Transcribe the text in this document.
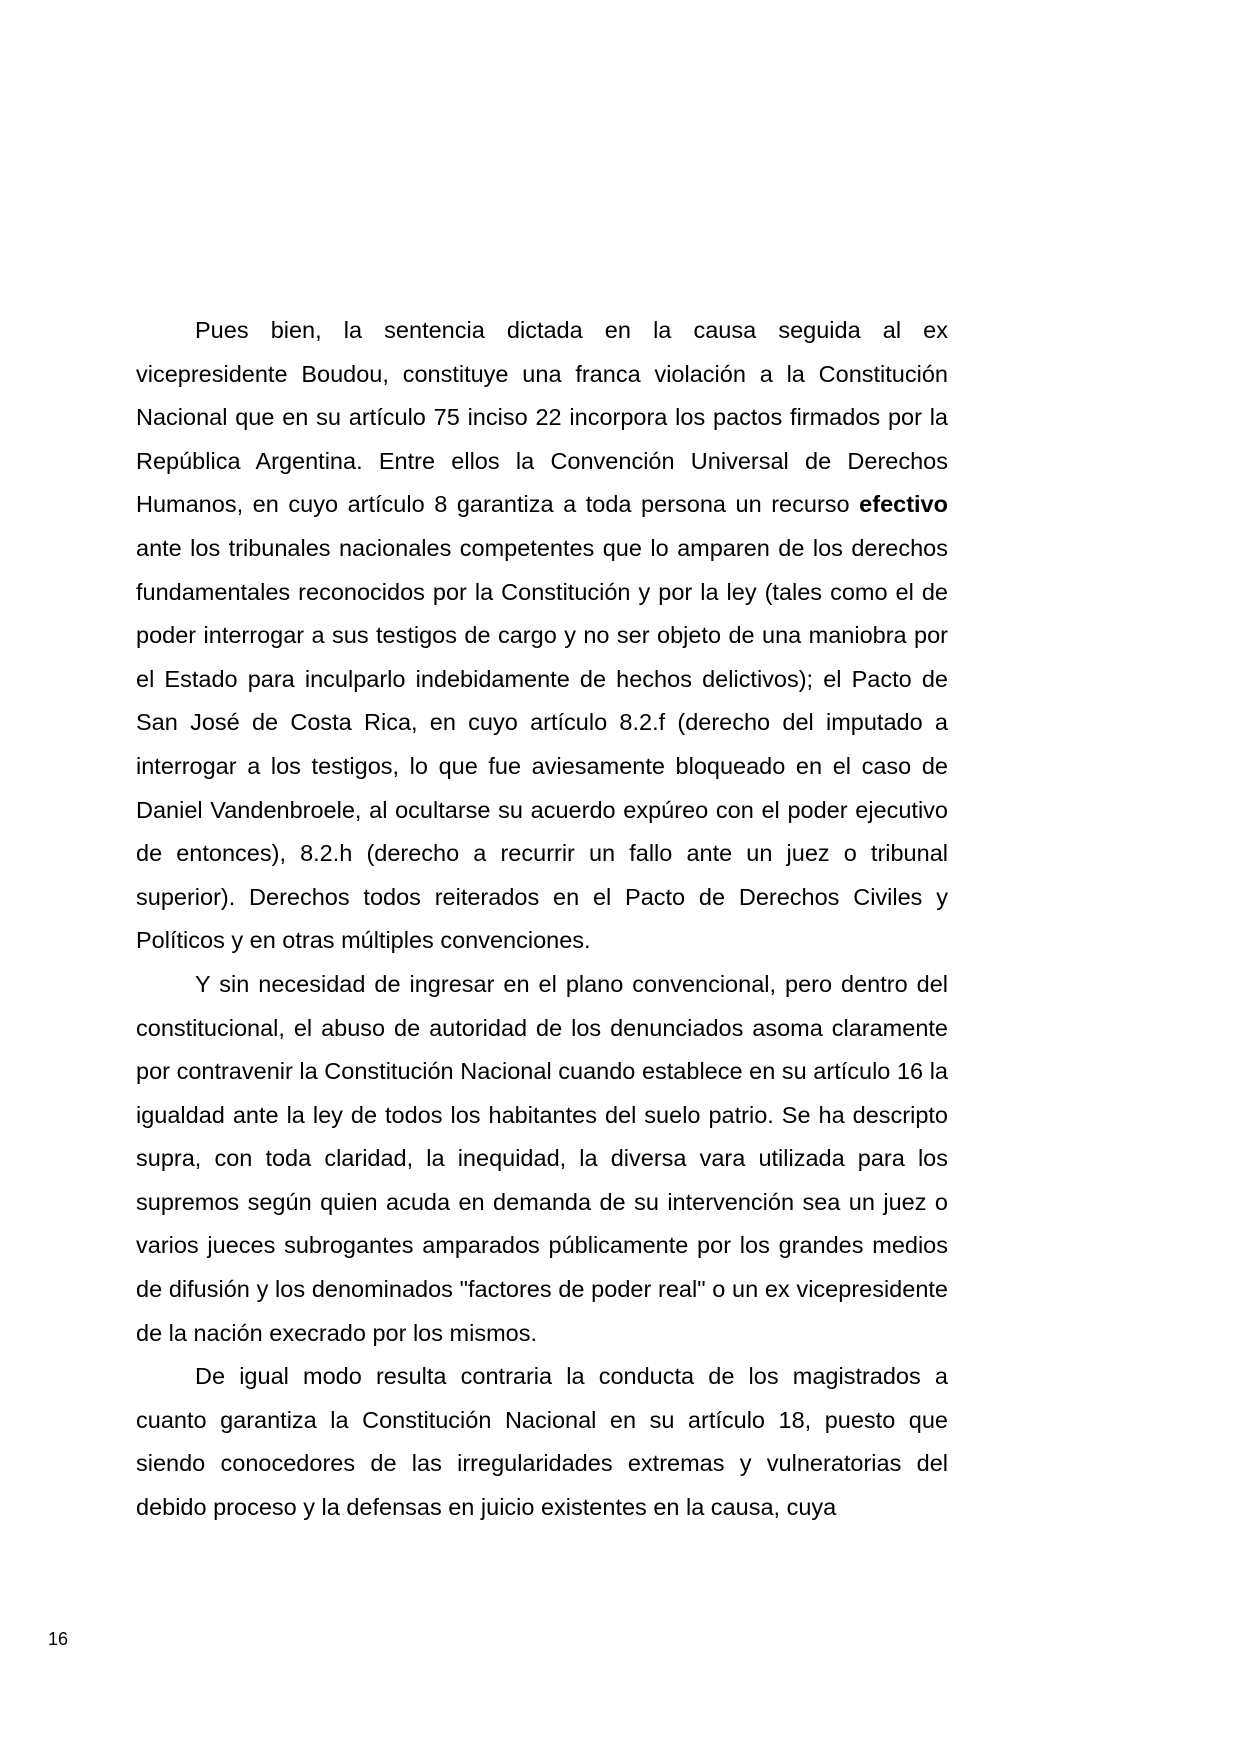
Pues bien, la sentencia dictada en la causa seguida al ex vicepresidente Boudou, constituye una franca violación a la Constitución Nacional que en su artículo 75 inciso 22 incorpora los pactos firmados por la República Argentina. Entre ellos la Convención Universal de Derechos Humanos, en cuyo artículo 8 garantiza a toda persona un recurso efectivo ante los tribunales nacionales competentes que lo amparen de los derechos fundamentales reconocidos por la Constitución y por la ley (tales como el de poder interrogar a sus testigos de cargo y no ser objeto de una maniobra por el Estado para inculparlo indebidamente de hechos delictivos); el Pacto de San José de Costa Rica, en cuyo artículo 8.2.f (derecho del imputado a interrogar a los testigos, lo que fue aviesamente bloqueado en el caso de Daniel Vandenbroele, al ocultarse su acuerdo expúreo con el poder ejecutivo de entonces), 8.2.h (derecho a recurrir un fallo ante un juez o tribunal superior). Derechos todos reiterados en el Pacto de Derechos Civiles y Políticos y en otras múltiples convenciones.

Y sin necesidad de ingresar en el plano convencional, pero dentro del constitucional, el abuso de autoridad de los denunciados asoma claramente por contravenir la Constitución Nacional cuando establece en su artículo 16 la igualdad ante la ley de todos los habitantes del suelo patrio. Se ha descripto supra, con toda claridad, la inequidad, la diversa vara utilizada para los supremos según quien acuda en demanda de su intervención sea un juez o varios jueces subrogantes amparados públicamente por los grandes medios de difusión y los denominados "factores de poder real" o un ex vicepresidente de la nación execrado por los mismos.

De igual modo resulta contraria la conducta de los magistrados a cuanto garantiza la Constitución Nacional en su artículo 18, puesto que siendo conocedores de las irregularidades extremas y vulneratorias del debido proceso y la defensas en juicio existentes en la causa, cuya

16
